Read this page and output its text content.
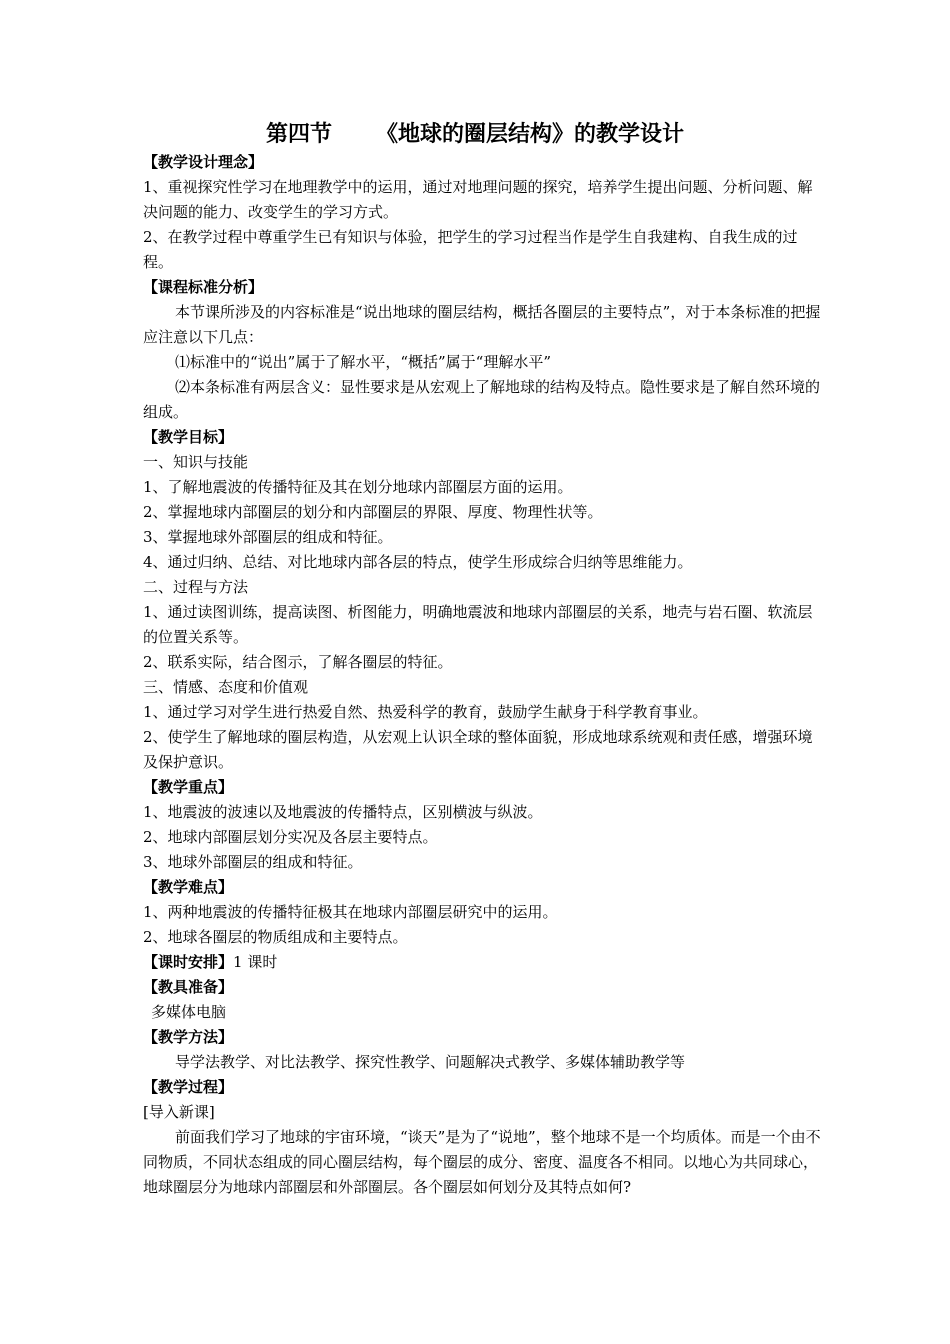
第四节 《地球的圈层结构》的教学设计

【教学设计理念】

1、重视探究性学习在地理教学中的运用，通过对地理问题的探究，培养学生提出问题、分析问题、解决问题的能力、改变学生的学习方式。

2、在教学过程中尊重学生已有知识与体验，把学生的学习过程当作是学生自我建构、自我生成的过程。

【课程标准分析】

本节课所涉及的内容标准是“说出地球的圈层结构，概括各圈层的主要特点”，对于本条标准的把握应注意以下几点：

⑴标准中的“说出”属于了解水平，“概括”属于“理解水平”

⑵本条标准有两层含义：显性要求是从宏观上了解地球的结构及特点。隐性要求是了解自然环境的组成。

【教学目标】

一、知识与技能

1、了解地震波的传播特征及其在划分地球内部圈层方面的运用。

2、掌握地球内部圈层的划分和内部圈层的界限、厚度、物理性状等。

3、掌握地球外部圈层的组成和特征。

4、通过归纳、总结、对比地球内部各层的特点，使学生形成综合归纳等思维能力。

二、过程与方法

1、通过读图训练，提高读图、析图能力，明确地震波和地球内部圈层的关系，地壳与岩石圈、软流层的位置关系等。

2、联系实际，结合图示，了解各圈层的特征。

三、情感、态度和价值观

1、通过学习对学生进行热爱自然、热爱科学的教育，鼓励学生献身于科学教育事业。

2、使学生了解地球的圈层构造，从宏观上认识全球的整体面貌，形成地球系统观和责任感，增强环境及保护意识。

【教学重点】

1、地震波的波速以及地震波的传播特点，区别横波与纵波。

2、地球内部圈层划分实况及各层主要特点。

3、地球外部圈层的组成和特征。

【教学难点】

1、两种地震波的传播特征极其在地球内部圈层研究中的运用。

2、地球各圈层的物质组成和主要特点。

【课时安排】1 课时

【教具准备】

多媒体电脑

【教学方法】

导学法教学、对比法教学、探究性教学、问题解决式教学、多媒体辅助教学等

【教学过程】

[导入新课]

前面我们学习了地球的宇宙环境，“谈天”是为了“说地”，整个地球不是一个均质体。而是一个由不同物质，不同状态组成的同心圈层结构，每个圈层的成分、密度、温度各不相同。以地心为共同球心，地球圈层分为地球内部圈层和外部圈层。各个圈层如何划分及其特点如何?
